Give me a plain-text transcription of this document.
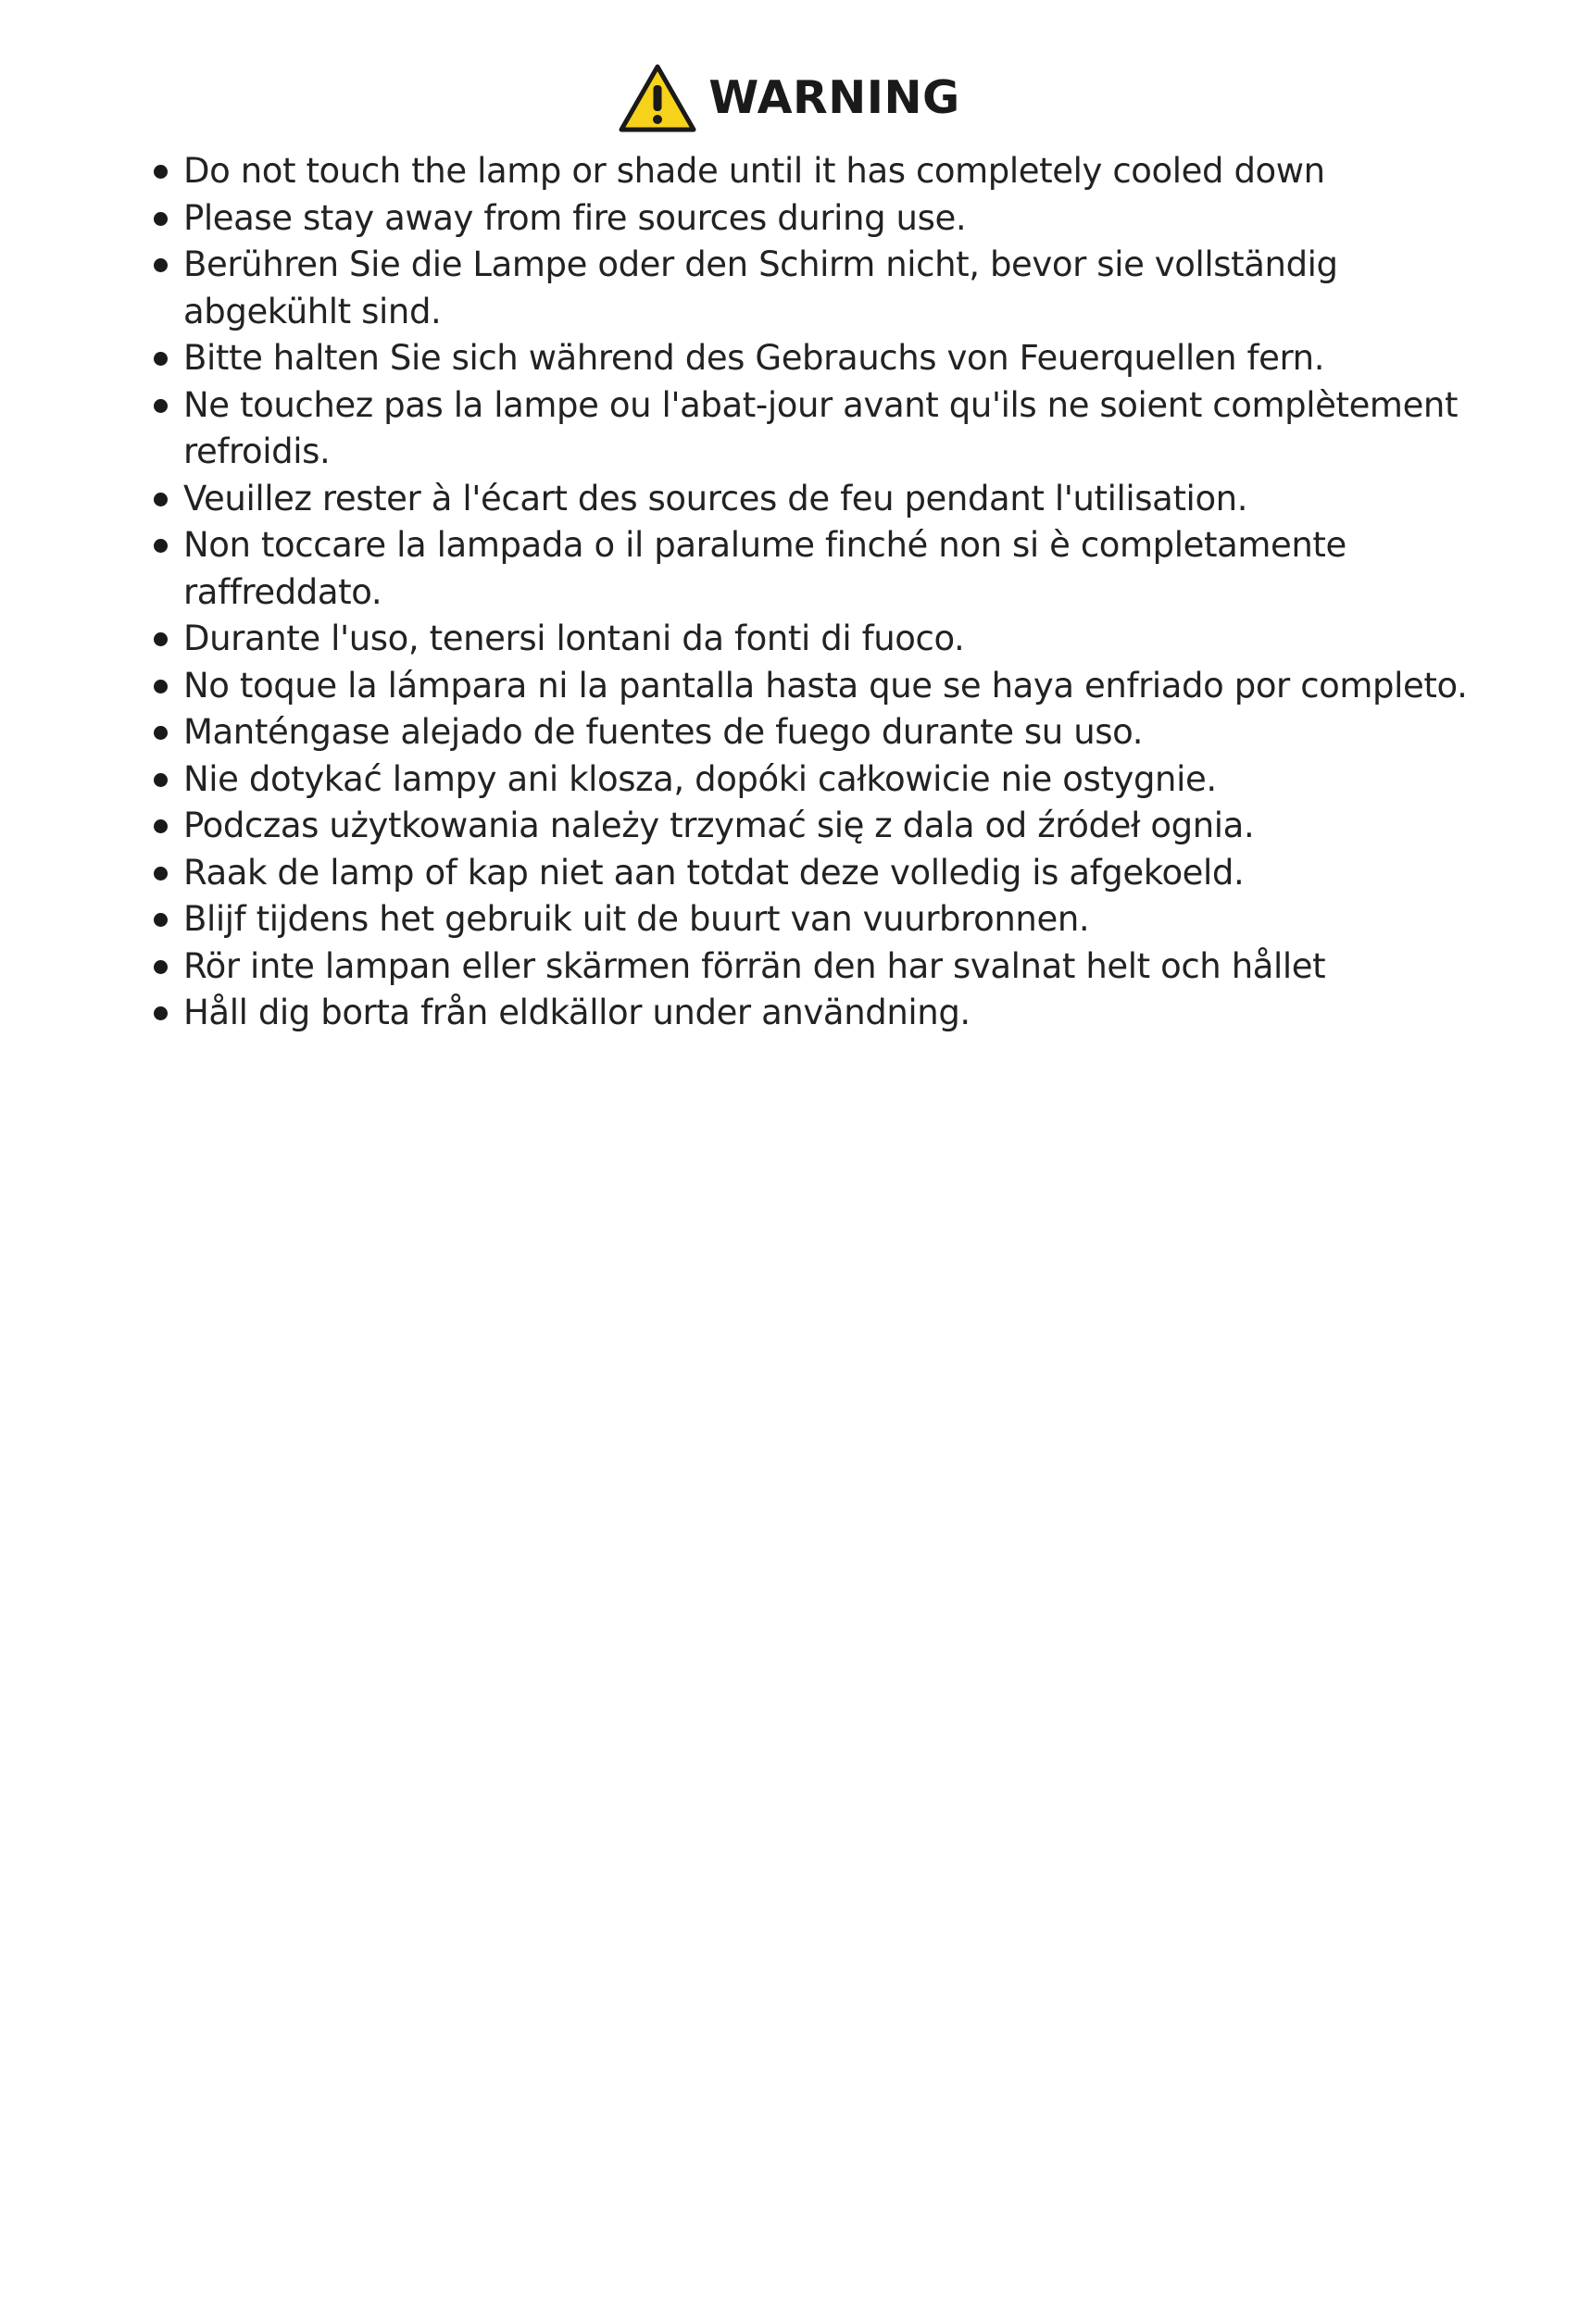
WARNING
Do not touch the lamp or shade until it has completely cooled down
Please stay away from fire sources during use.
Berühren Sie die Lampe oder den Schirm nicht, bevor sie vollständig abgekühlt sind.
Bitte halten Sie sich während des Gebrauchs von Feuerquellen fern.
Ne touchez pas la lampe ou l'abat-jour avant qu'ils ne soient complètement refroidis.
Veuillez rester à l'écart des sources de feu pendant l'utilisation.
Non toccare la lampada o il paralume finché non si è completamente raffreddato.
Durante l'uso, tenersi lontani da fonti di fuoco.
No toque la lámpara ni la pantalla hasta que se haya enfriado por completo.
Manténgase alejado de fuentes de fuego durante su uso.
Nie dotykać lampy ani klosza, dopóki całkowicie nie ostygnie.
Podczas użytkowania należy trzymać się z dala od źródeł ognia.
Raak de lamp of kap niet aan totdat deze volledig is afgekoeld.
Blijf tijdens het gebruik uit de buurt van vuurbronnen.
Rör inte lampan eller skärmen förrän den har svalnat helt och hållet
Håll dig borta från eldkällor under användning.
